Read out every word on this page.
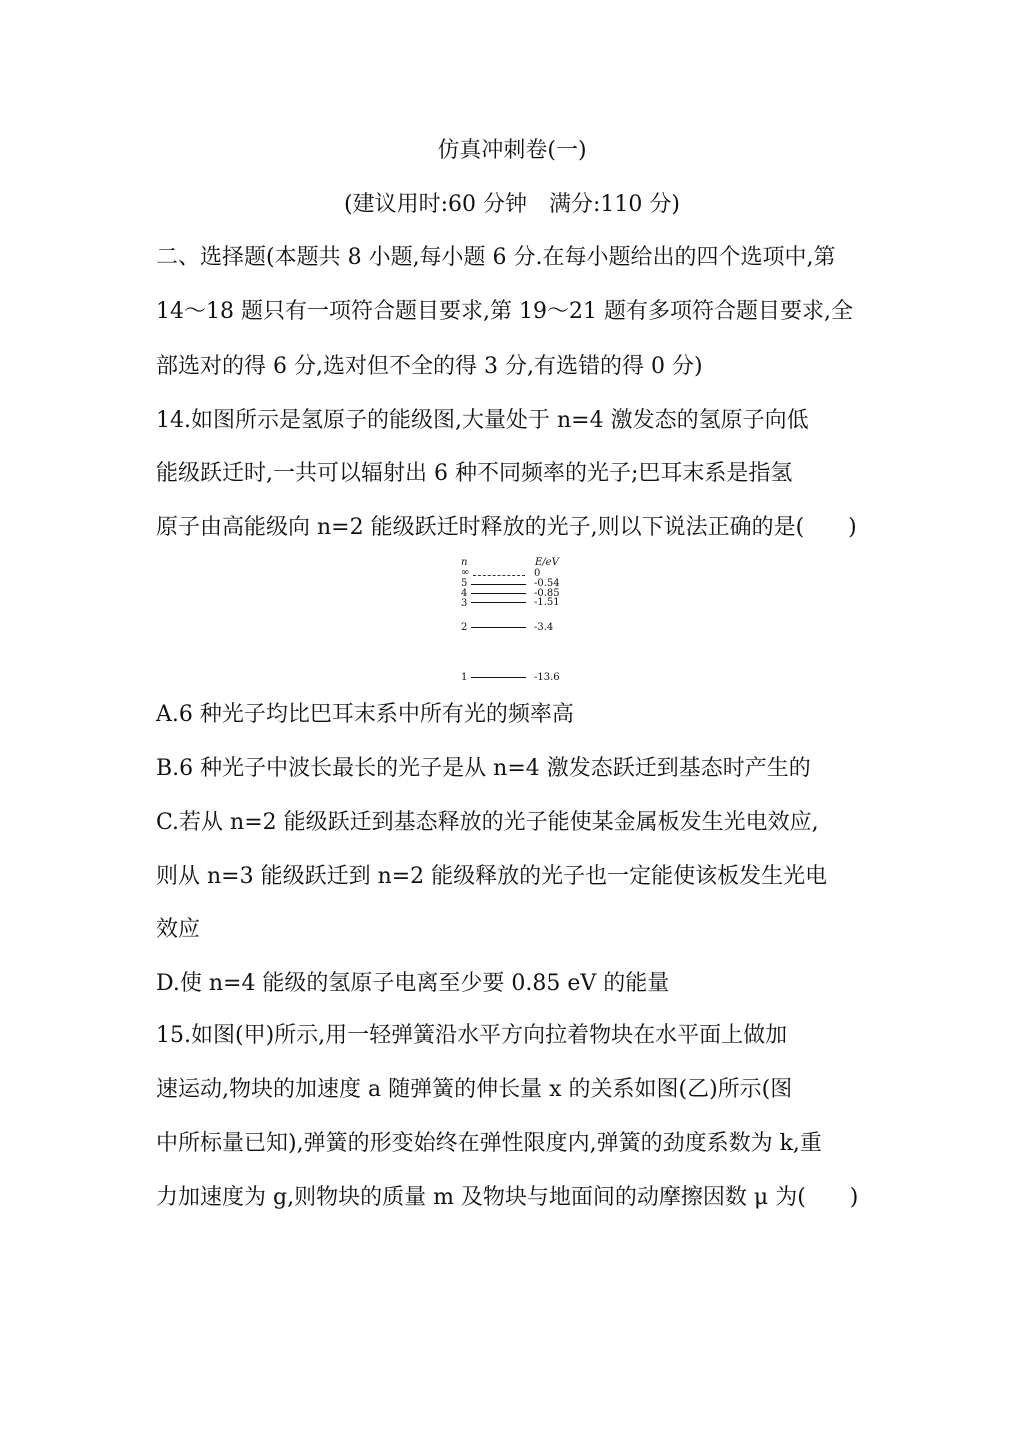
仿真冲刺卷(一)
(建议用时:60 分钟　满分:110 分)
二、选择题(本题共 8 小题,每小题 6 分.在每小题给出的四个选项中,第
14～18 题只有一项符合题目要求,第 19～21 题有多项符合题目要求,全
部选对的得 6 分,选对但不全的得 3 分,有选错的得 0 分)
14.如图所示是氢原子的能级图,大量处于 n=4 激发态的氢原子向低
能级跃迁时,一共可以辐射出 6 种不同频率的光子;巴耳末系是指氢
原子由高能级向 n=2 能级跃迁时释放的光子,则以下说法正确的是(　　)
n	E/eV
∞	0
5	-0.54
4	-0.85
3	-1.51
2	-3.4
1	-13.6
A.6 种光子均比巴耳末系中所有光的频率高
B.6 种光子中波长最长的光子是从 n=4 激发态跃迁到基态时产生的
C.若从 n=2 能级跃迁到基态释放的光子能使某金属板发生光电效应,
则从 n=3 能级跃迁到 n=2 能级释放的光子也一定能使该板发生光电
效应
D.使 n=4 能级的氢原子电离至少要 0.85 eV 的能量
15.如图(甲)所示,用一轻弹簧沿水平方向拉着物块在水平面上做加
速运动,物块的加速度 a 随弹簧的伸长量 x 的关系如图(乙)所示(图
中所标量已知),弹簧的形变始终在弹性限度内,弹簧的劲度系数为 k,重
力加速度为 g,则物块的质量 m 及物块与地面间的动摩擦因数 μ 为(　　)
